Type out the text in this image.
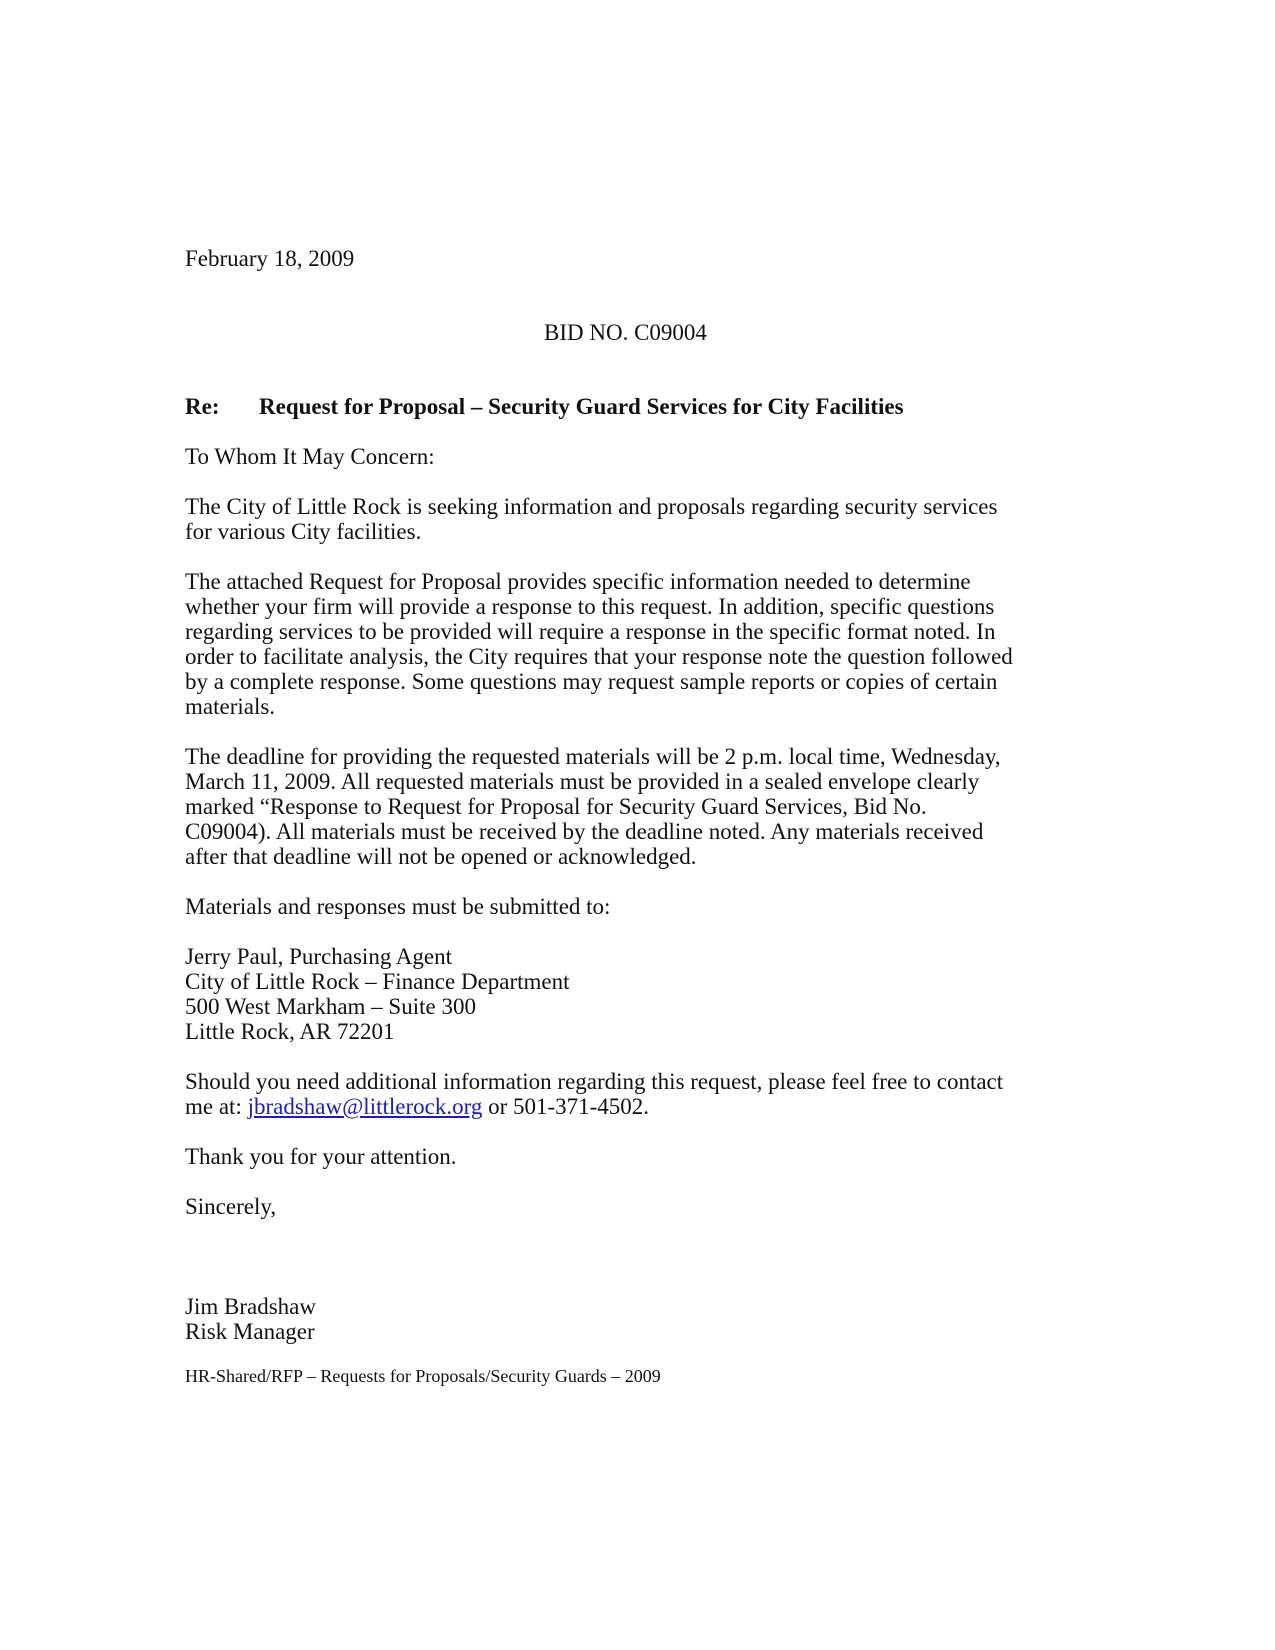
February 18, 2009
BID NO. C09004
Re: Request for Proposal – Security Guard Services for City Facilities
To Whom It May Concern:

The City of Little Rock is seeking information and proposals regarding security services
for various City facilities.

The attached Request for Proposal provides specific information needed to determine
whether your firm will provide a response to this request. In addition, specific questions
regarding services to be provided will require a response in the specific format noted. In
order to facilitate analysis, the City requires that your response note the question followed
by a complete response. Some questions may request sample reports or copies of certain
materials.

The deadline for providing the requested materials will be 2 p.m. local time, Wednesday,
March 11, 2009. All requested materials must be provided in a sealed envelope clearly
marked “Response to Request for Proposal for Security Guard Services, Bid No.
C09004). All materials must be received by the deadline noted. Any materials received
after that deadline will not be opened or acknowledged.

Materials and responses must be submitted to:

Jerry Paul, Purchasing Agent
City of Little Rock – Finance Department
500 West Markham – Suite 300
Little Rock, AR 72201

Should you need additional information regarding this request, please feel free to contact
me at: jbradshaw@littlerock.org or 501-371-4502.

Thank you for your attention.

Sincerely,

Jim Bradshaw
Risk Manager
HR-Shared/RFP – Requests for Proposals/Security Guards – 2009
